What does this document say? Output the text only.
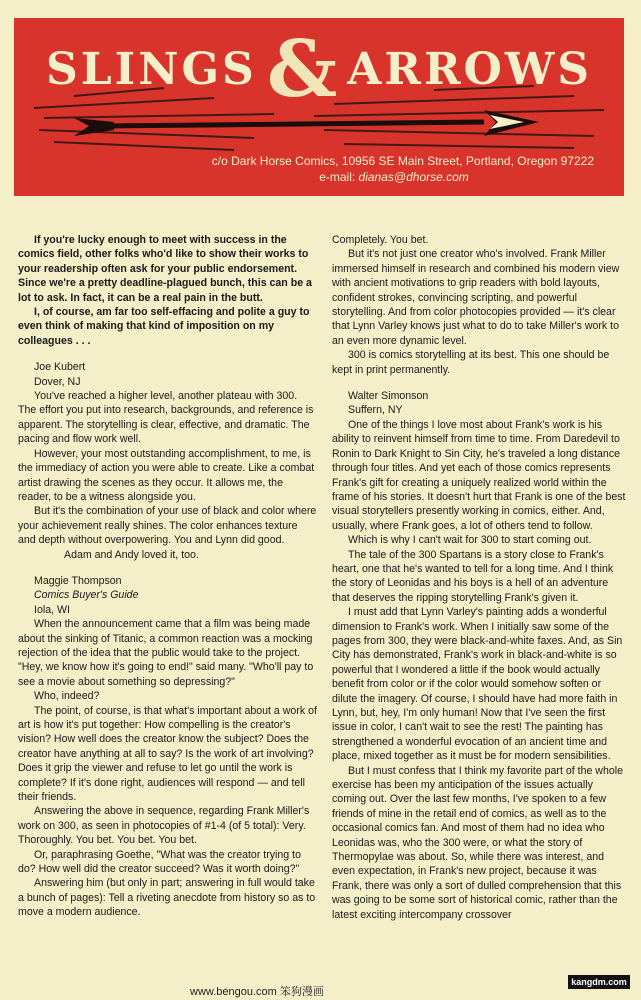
SLINGS & ARROWS
c/o Dark Horse Comics, 10956 SE Main Street, Portland, Oregon 97222
e-mail: dianas@dhorse.com

If you're lucky enough to meet with success in the comics field, other folks who'd like to show their works to your readership often ask for your public endorsement. Since we're a pretty deadline-plagued bunch, this can be a lot to ask. In fact, it can be a real pain in the butt.

I, of course, am far too self-effacing and polite a guy to even think of making that kind of imposition on my colleagues . . .

Joe Kubert

Dover, NJ

You've reached a higher level, another plateau with 300. The effort you put into research, backgrounds, and reference is apparent. The storytelling is clear, effective, and dramatic. The pacing and flow work well.

However, your most outstanding accomplishment, to me, is the immediacy of action you were able to create. Like a combat artist drawing the scenes as they occur. It allows me, the reader, to be a witness alongside you.

But it's the combination of your use of black and color where your achievement really shines. The color enhances texture and depth without overpowering. You and Lynn did good.

Adam and Andy loved it, too.

Maggie Thompson

Comics Buyer's Guide

Iola, WI

When the announcement came that a film was being made about the sinking of Titanic, a common reaction was a mocking rejection of the idea that the public would take to the project. "Hey, we know how it's going to end!" said many. "Who'll pay to see a movie about something so depressing?"

Who, indeed?

The point, of course, is that what's important about a work of art is how it's put together: How compelling is the creator's vision? How well does the creator know the subject? Does the creator have anything at all to say? Is the work of art involving? Does it grip the viewer and refuse to let go until the work is complete? If it's done right, audiences will respond — and tell their friends.

Answering the above in sequence, regarding Frank Miller's work on 300, as seen in photocopies of #1-4 (of 5 total): Very. Thoroughly. You bet. You bet. You bet.

Or, paraphrasing Goethe, "What was the creator trying to do? How well did the creator succeed? Was it worth doing?"

Answering him (but only in part; answering in full would take a bunch of pages): Tell a riveting anecdote from history so as to move a modern audience.

Completely. You bet.

But it's not just one creator who's involved. Frank Miller immersed himself in research and combined his modern view with ancient motivations to grip readers with bold layouts, confident strokes, convincing scripting, and powerful storytelling. And from color photocopies provided — it's clear that Lynn Varley knows just what to do to take Miller's work to an even more dynamic level.

300 is comics storytelling at its best. This one should be kept in print permanently.

Walter Simonson

Suffern, NY

One of the things I love most about Frank's work is his ability to reinvent himself from time to time. From Daredevil to Ronin to Dark Knight to Sin City, he's traveled a long distance through four titles. And yet each of those comics represents Frank's gift for creating a uniquely realized world within the frame of his stories. It doesn't hurt that Frank is one of the best visual storytellers presently working in comics, either. And, usually, where Frank goes, a lot of others tend to follow.

Which is why I can't wait for 300 to start coming out.

The tale of the 300 Spartans is a story close to Frank's heart, one that he's wanted to tell for a long time. And I think the story of Leonidas and his boys is a hell of an adventure that deserves the ripping storytelling Frank's given it.

I must add that Lynn Varley's painting adds a wonderful dimension to Frank's work. When I initially saw some of the pages from 300, they were black-and-white faxes. And, as Sin City has demonstrated, Frank's work in black-and-white is so powerful that I wondered a little if the book would actually benefit from color or if the color would somehow soften or dilute the imagery. Of course, I should have had more faith in Lynn, but, hey, I'm only human! Now that I've seen the first issue in color, I can't wait to see the rest! The painting has strengthened a wonderful evocation of an ancient time and place, mixed together as it must be for modern sensibilities.

But I must confess that I think my favorite part of the whole exercise has been my anticipation of the issues actually coming out. Over the last few months, I've spoken to a few friends of mine in the retail end of comics, as well as to the occasional comics fan. And most of them had no idea who Leonidas was, who the 300 were, or what the story of Thermopylae was about. So, while there was interest, and even expectation, in Frank's new project, because it was Frank, there was only a sort of dulled comprehension that this was going to be some sort of historical comic, rather than the latest exciting intercompany crossover

www.bengou.com 笨狗漫画
kangdm.com
